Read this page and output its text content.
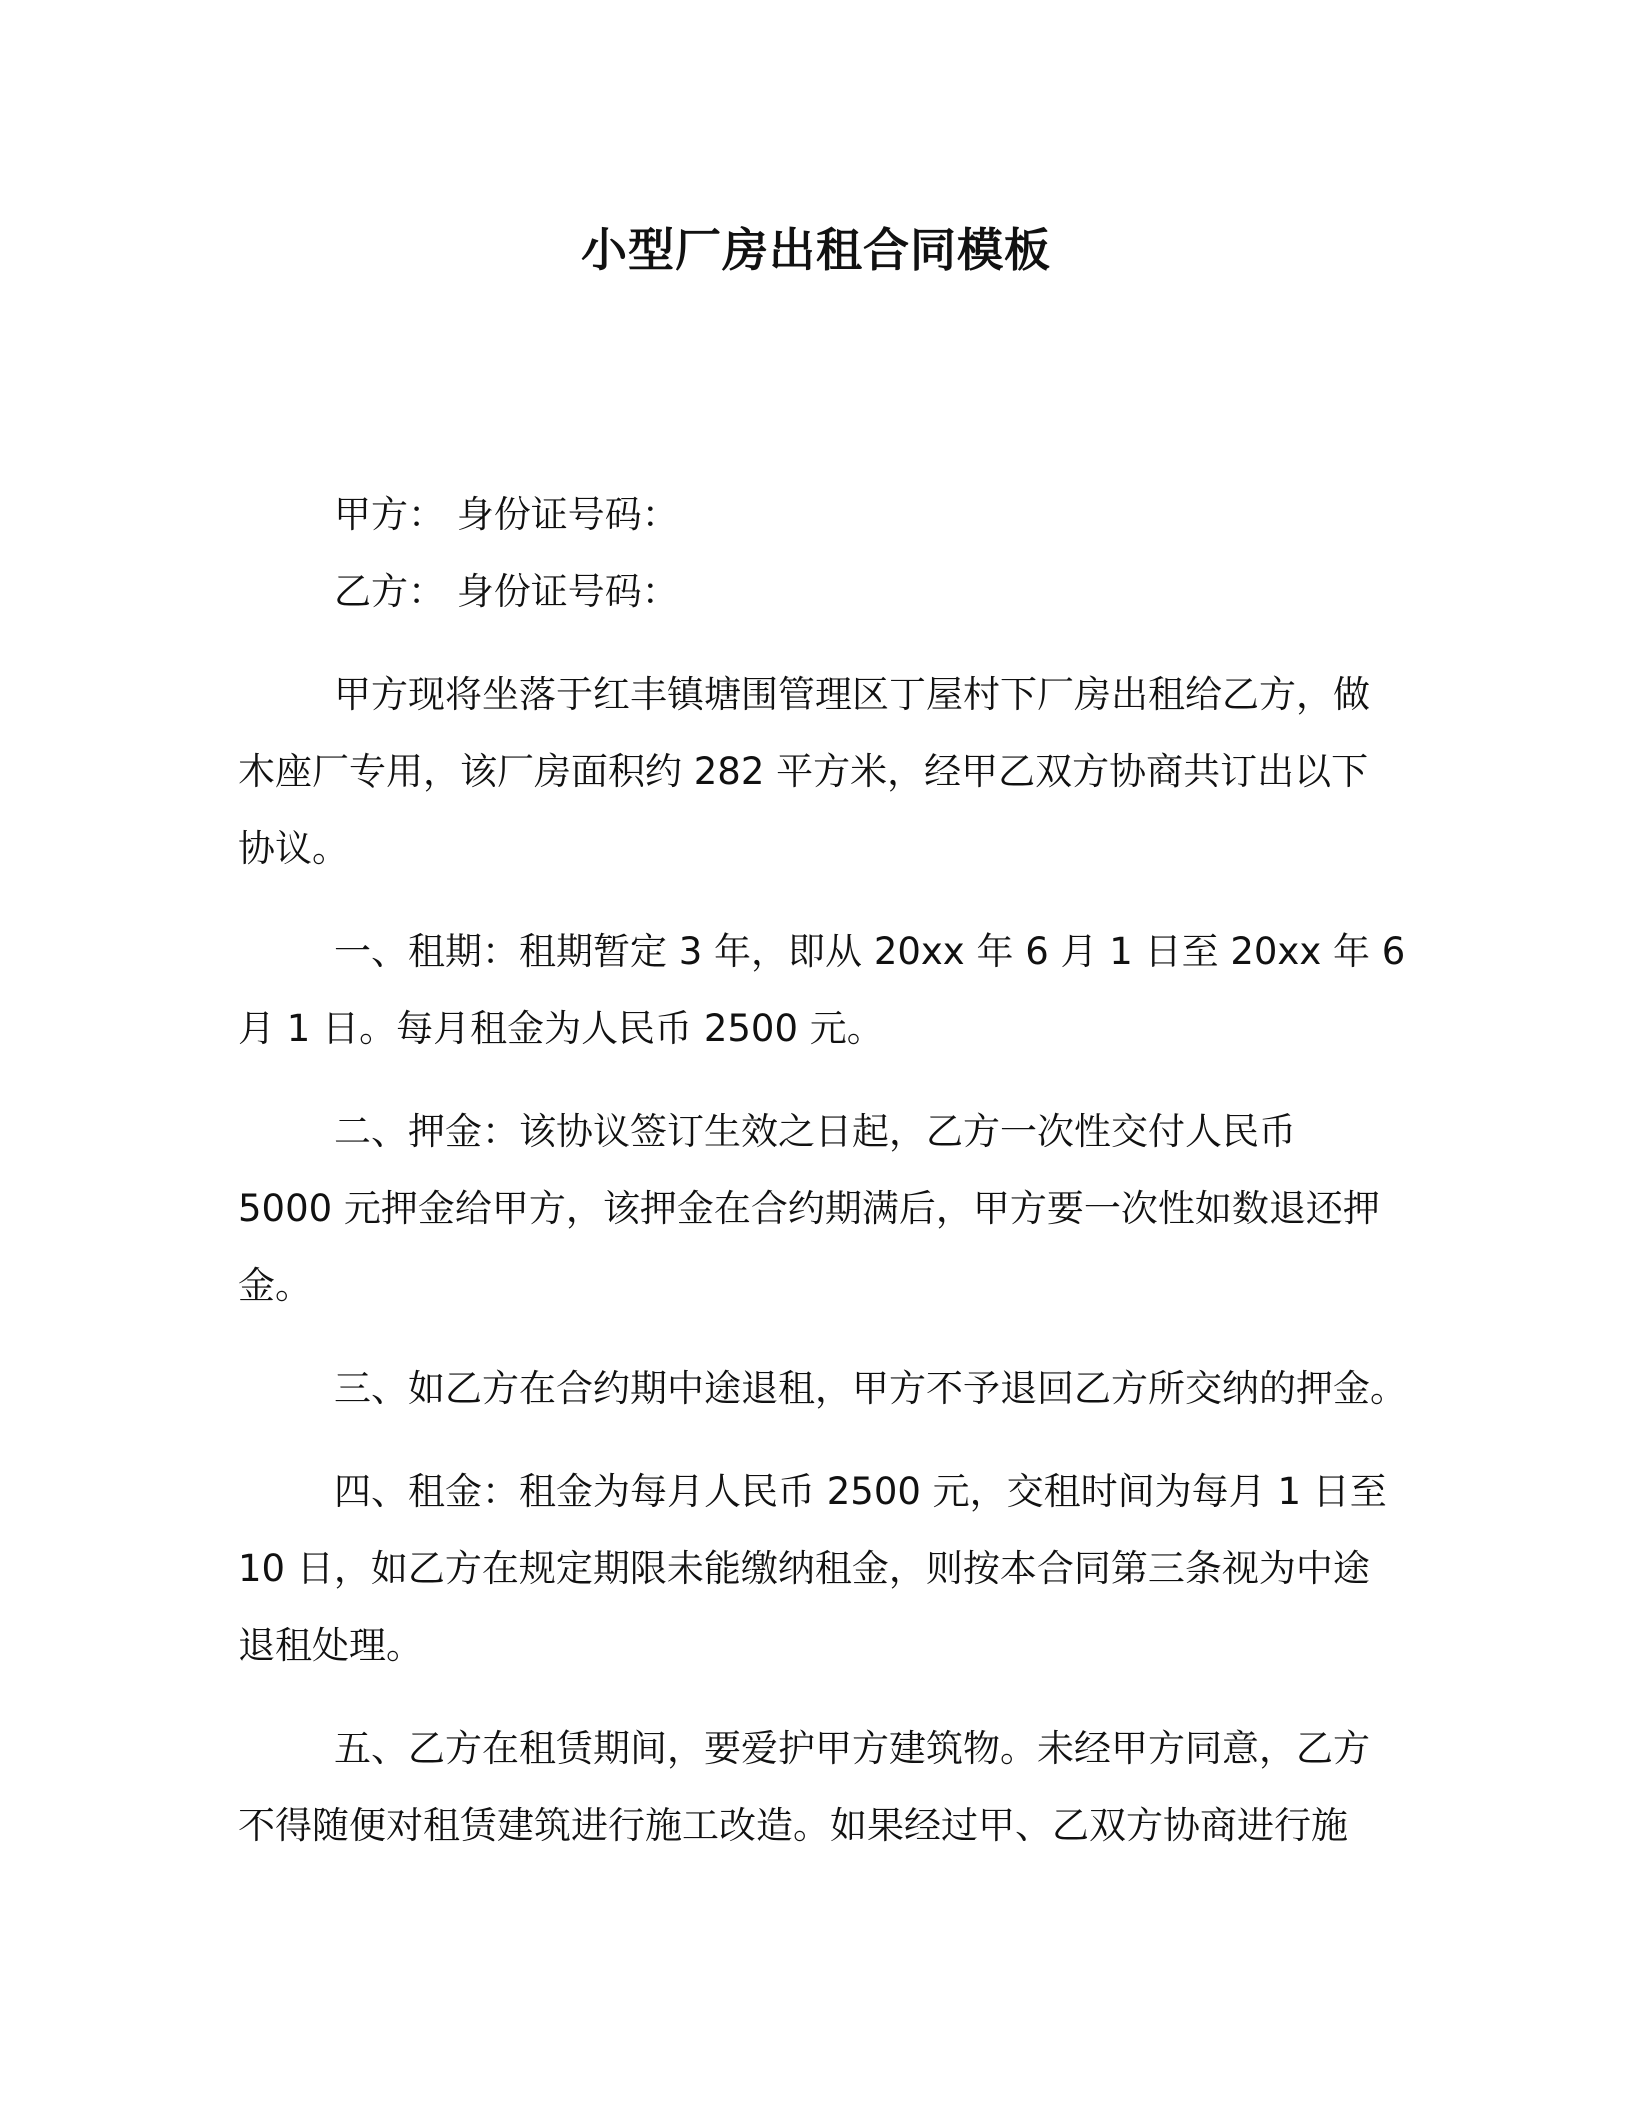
小型厂房出租合同模板
甲方： 身份证号码：
乙方： 身份证号码：
甲方现将坐落于红丰镇塘围管理区丁屋村下厂房出租给乙方，做
木座厂专用，该厂房面积约 282 平方米，经甲乙双方协商共订出以下
协议。
一、租期：租期暂定 3 年，即从 20xx 年 6 月 1 日至 20xx 年 6
月 1 日。每月租金为人民币 2500 元。
二、押金：该协议签订生效之日起，乙方一次性交付人民币
5000 元押金给甲方，该押金在合约期满后，甲方要一次性如数退还押
金。
三、如乙方在合约期中途退租，甲方不予退回乙方所交纳的押金。
四、租金：租金为每月人民币 2500 元，交租时间为每月 1 日至
10 日，如乙方在规定期限未能缴纳租金，则按本合同第三条视为中途
退租处理。
五、乙方在租赁期间，要爱护甲方建筑物。未经甲方同意，乙方
不得随便对租赁建筑进行施工改造。如果经过甲、乙双方协商进行施
